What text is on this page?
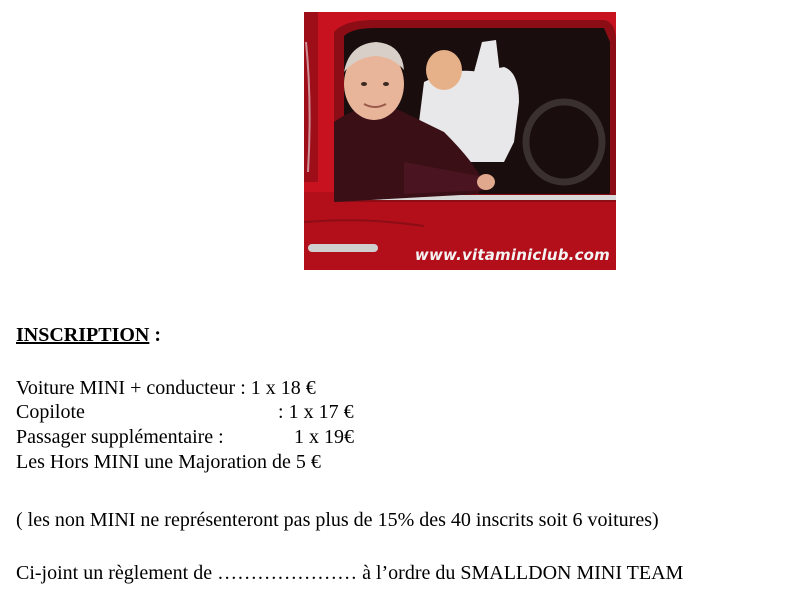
www.vitaminiclub.com
INSCRIPTION :
Voiture MINI + conducteur : 1 x 18 €
Copilote	: 1 x 17 €
Passager supplémentaire :	1 x 19€
Les Hors MINI une Majoration de 5 €
( les non MINI ne représenteront pas plus de 15% des 40 inscrits soit 6 voitures)
Ci-joint un règlement de ………………… à l’ordre du SMALLDON MINI TEAM
